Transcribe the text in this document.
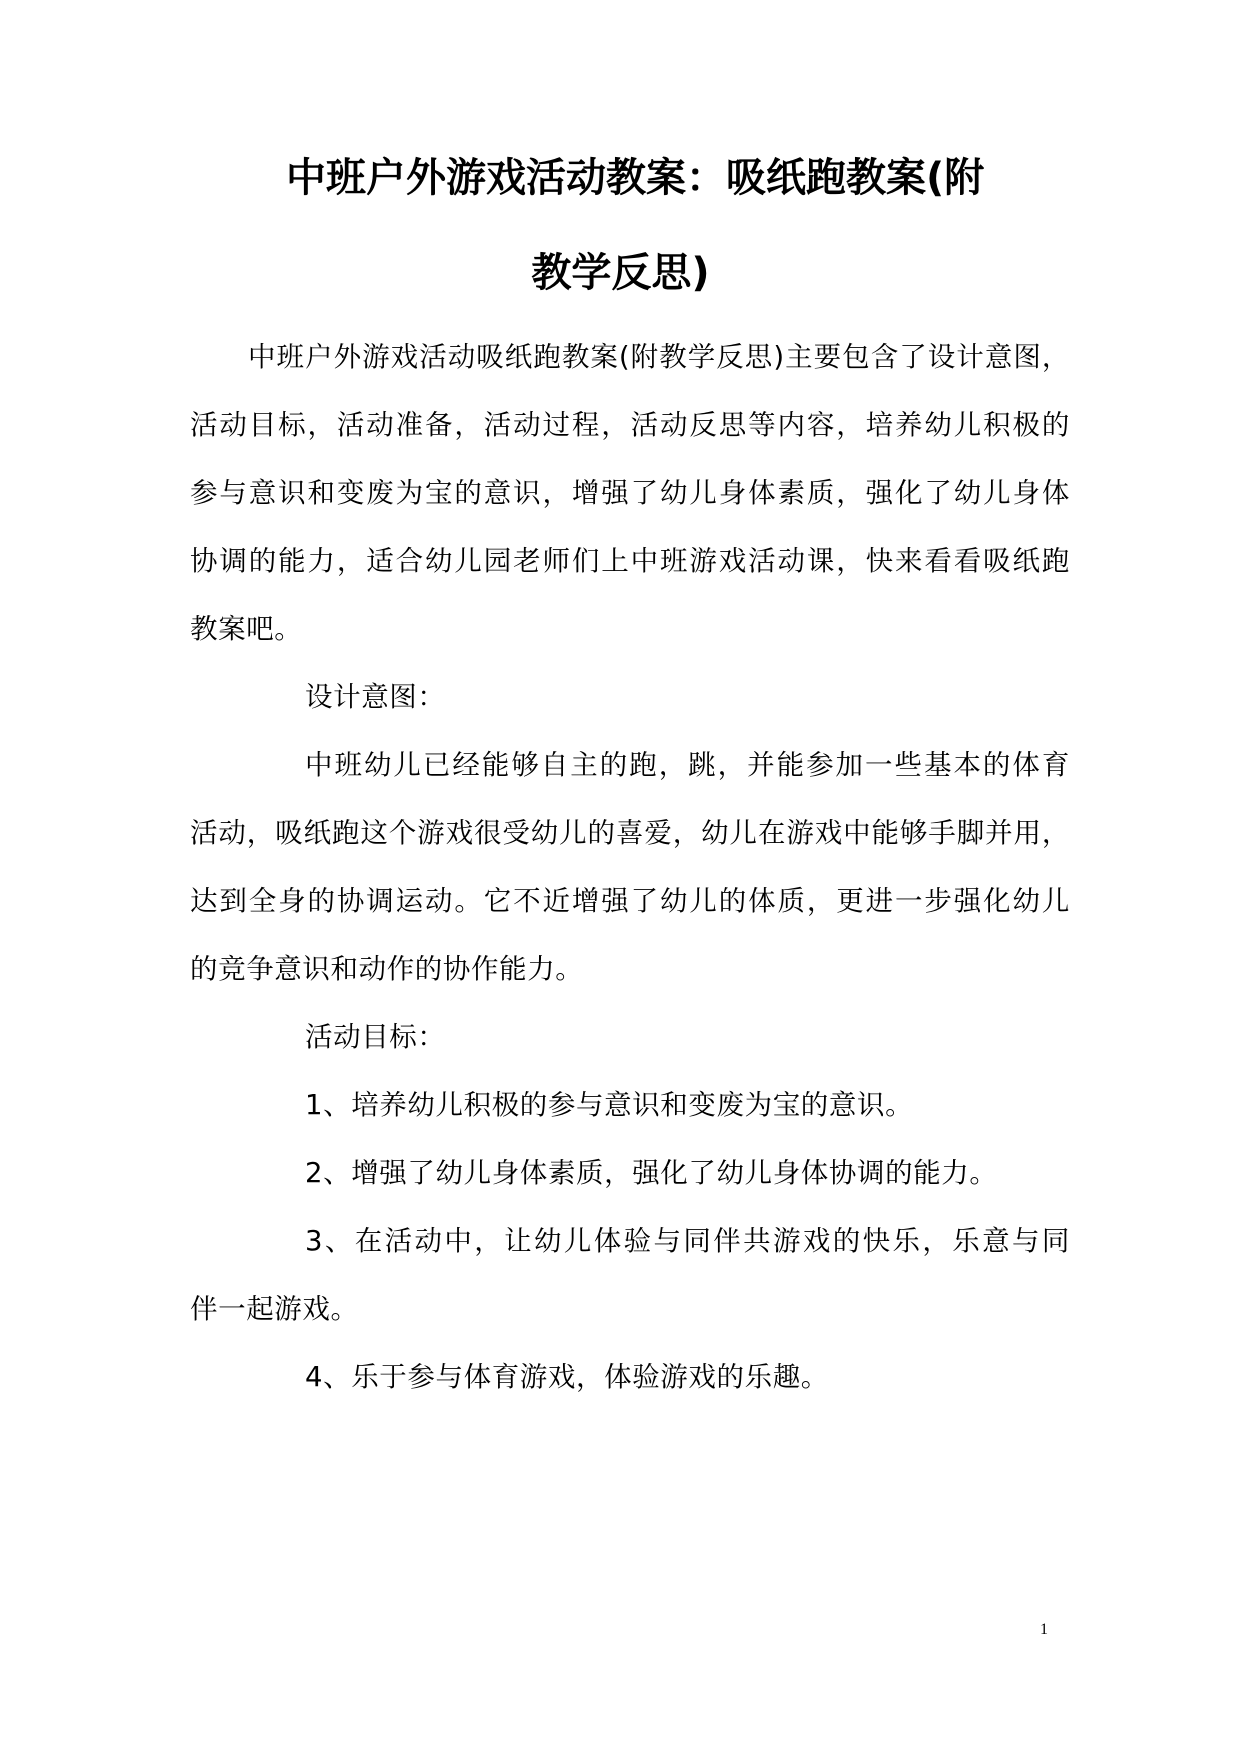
中班户外游戏活动教案：吸纸跑教案(附
教学反思)
中班户外游戏活动吸纸跑教案(附教学反思)主要包含了设计意图，
活动目标，活动准备，活动过程，活动反思等内容，培养幼儿积极的
参与意识和变废为宝的意识，增强了幼儿身体素质，强化了幼儿身体
协调的能力，适合幼儿园老师们上中班游戏活动课，快来看看吸纸跑
教案吧。
设计意图：
中班幼儿已经能够自主的跑，跳，并能参加一些基本的体育
活动，吸纸跑这个游戏很受幼儿的喜爱，幼儿在游戏中能够手脚并用，
达到全身的协调运动。它不近增强了幼儿的体质，更进一步强化幼儿
的竞争意识和动作的协作能力。
活动目标：
1、培养幼儿积极的参与意识和变废为宝的意识。
2、增强了幼儿身体素质，强化了幼儿身体协调的能力。
3、在活动中，让幼儿体验与同伴共游戏的快乐，乐意与同
伴一起游戏。
4、乐于参与体育游戏，体验游戏的乐趣。
1
